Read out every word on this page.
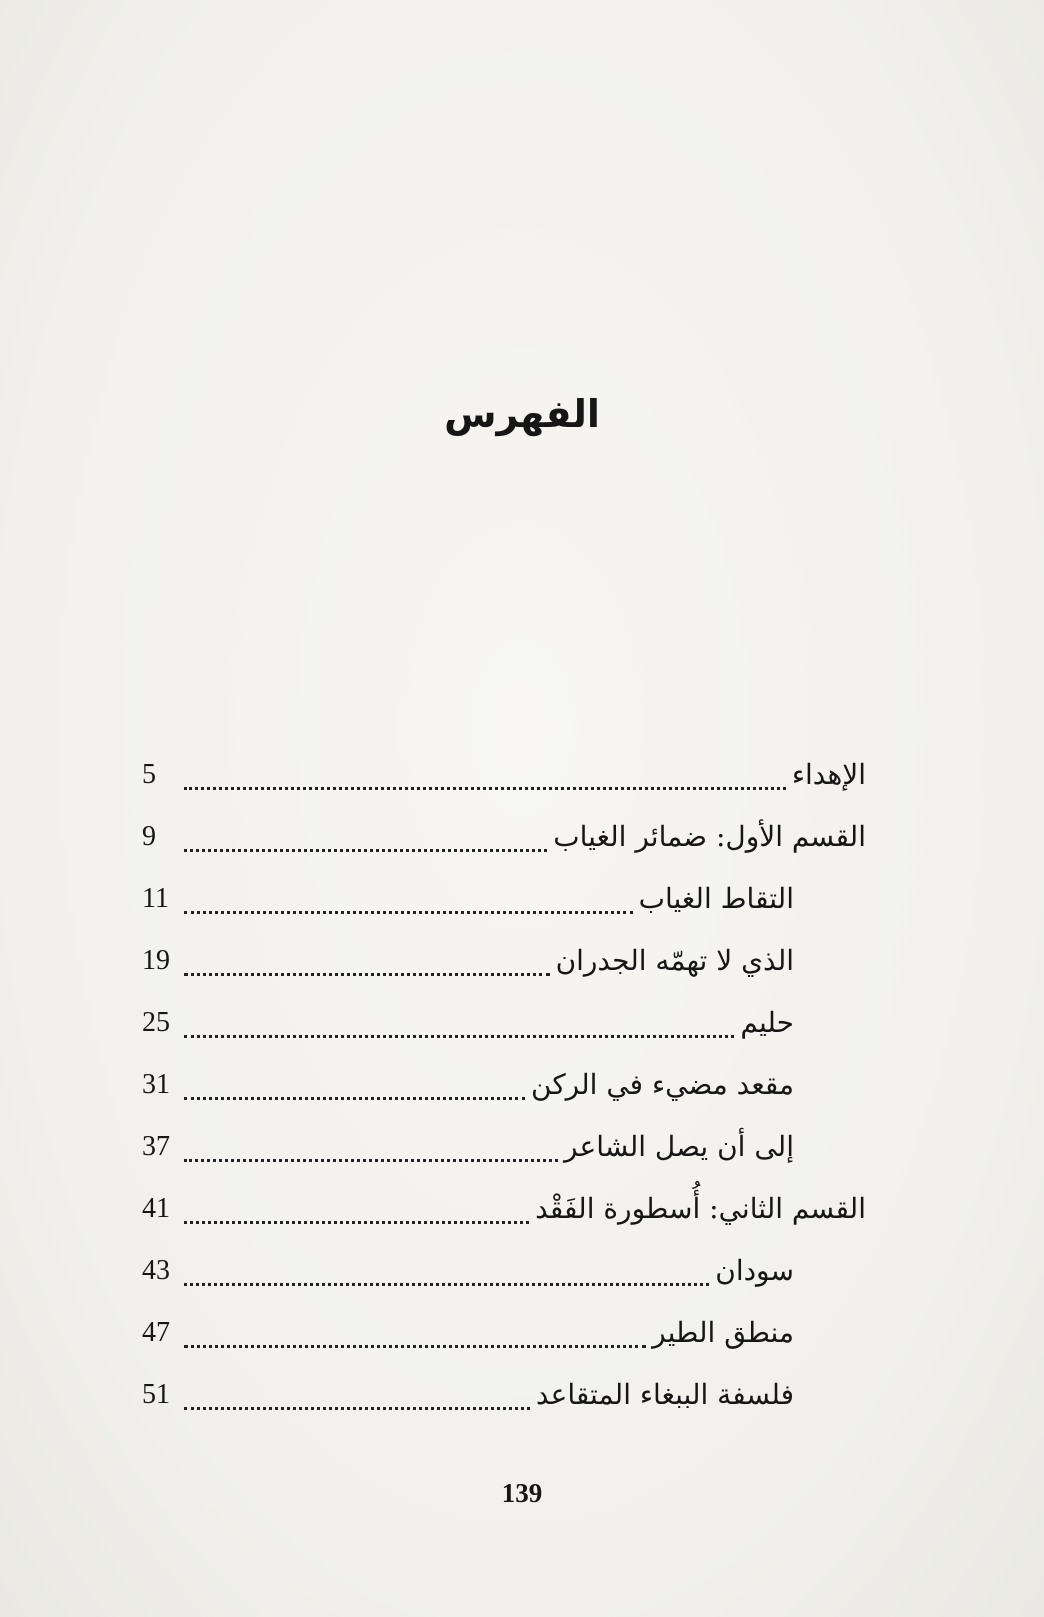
الفهرس
الإهداء
5
القسم الأول: ضمائر الغياب
9
التقاط الغياب
11
الذي لا تهمّه الجدران
19
حليم
25
مقعد مضيء في الركن
31
إلى أن يصل الشاعر
37
القسم الثاني: أُسطورة الفَقْد
41
سودان
43
منطق الطير
47
فلسفة الببغاء المتقاعد
51
139
